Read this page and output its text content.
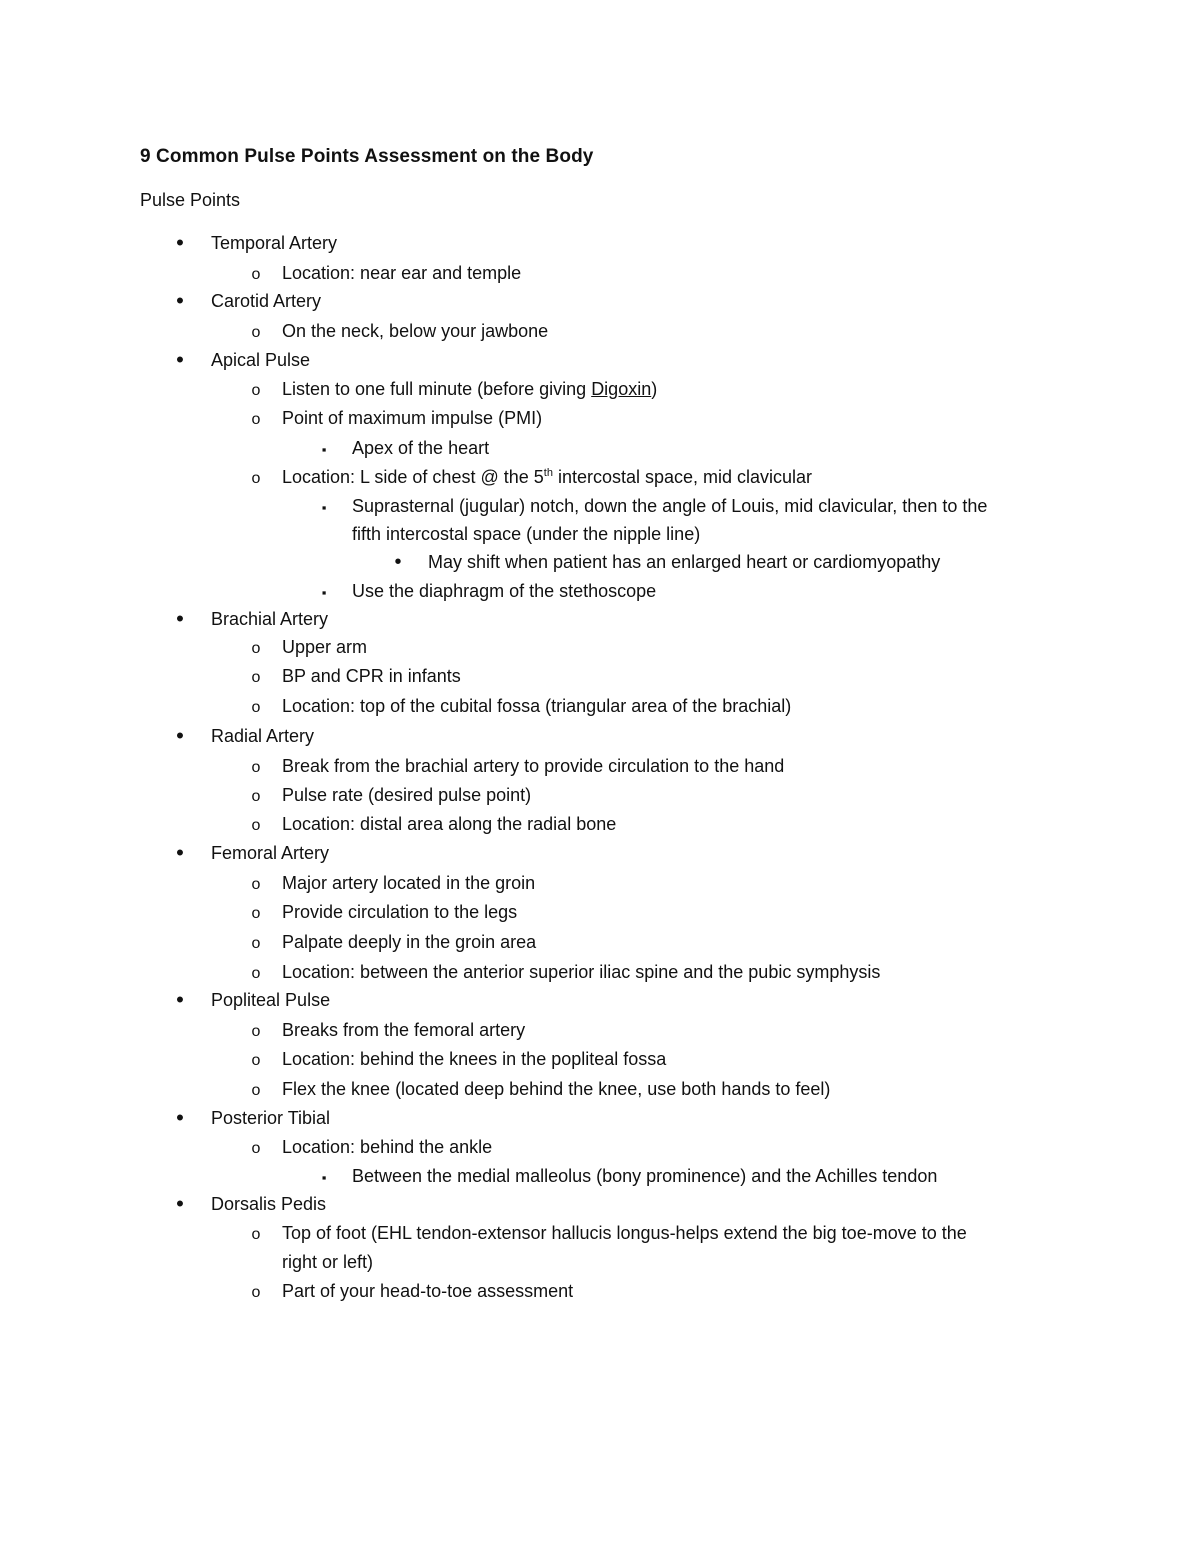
9 Common Pulse Points Assessment on the Body
Pulse Points
•
Temporal Artery
o
Location: near ear and temple
•
Carotid Artery
o
On the neck, below your jawbone
•
Apical Pulse
o
Listen to one full minute (before giving Digoxin)
o
Point of maximum impulse (PMI)
▪
Apex of the heart
o
Location: L side of chest @ the 5th intercostal space, mid clavicular
▪
Suprasternal (jugular) notch, down the angle of Louis, mid clavicular, then to the
fifth intercostal space (under the nipple line)
•
May shift when patient has an enlarged heart or cardiomyopathy
▪
Use the diaphragm of the stethoscope
•
Brachial Artery
o
Upper arm
o
BP and CPR in infants
o
Location: top of the cubital fossa (triangular area of the brachial)
•
Radial Artery
o
Break from the brachial artery to provide circulation to the hand
o
Pulse rate (desired pulse point)
o
Location: distal area along the radial bone
•
Femoral Artery
o
Major artery located in the groin
o
Provide circulation to the legs
o
Palpate deeply in the groin area
o
Location: between the anterior superior iliac spine and the pubic symphysis
•
Popliteal Pulse
o
Breaks from the femoral artery
o
Location: behind the knees in the popliteal fossa
o
Flex the knee (located deep behind the knee, use both hands to feel)
•
Posterior Tibial
o
Location: behind the ankle
▪
Between the medial malleolus (bony prominence) and the Achilles tendon
•
Dorsalis Pedis
o
Top of foot (EHL tendon-extensor hallucis longus-helps extend the big toe-move to the
right or left)
o
Part of your head-to-toe assessment
